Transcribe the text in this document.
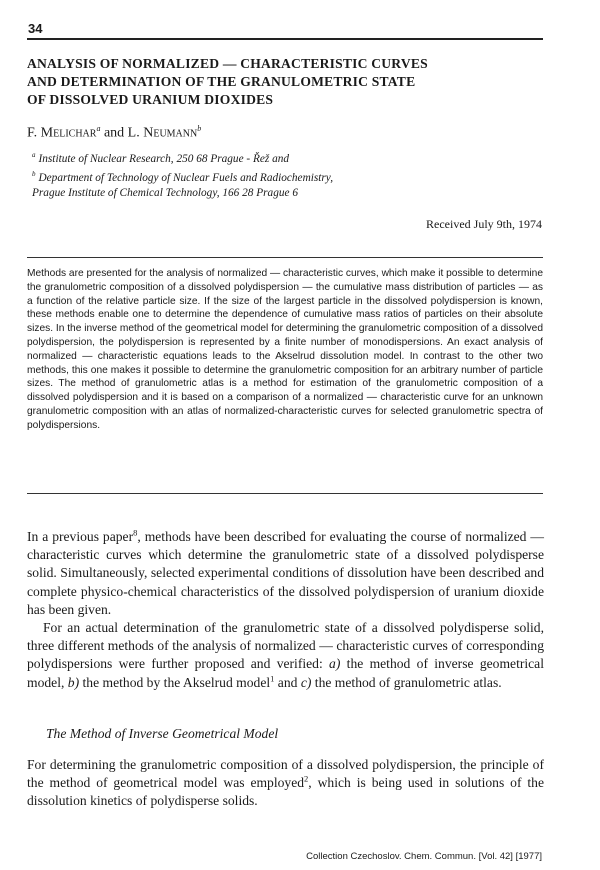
34
ANALYSIS OF NORMALIZED — CHARACTERISTIC CURVES
AND DETERMINATION OF THE GRANULOMETRIC STATE
OF DISSOLVED URANIUM DIOXIDES
F. Melichar$^a$ and L. Neumann$^b$
$^a$ Institute of Nuclear Research, 250 68 Prague - Řež and
$^b$ Department of Technology of Nuclear Fuels and Radiochemistry,
Prague Institute of Chemical Technology, 166 28 Prague 6
Received July 9th, 1974

Methods are presented for the analysis of normalized — characteristic curves, which make it possible to determine the granulometric composition of a dissolved polydispersion — the cumulative mass distribution of particles — as a function of the relative particle size. If the size of the largest particle in the dissolved polydispersion is known, these methods enable one to determine the dependence of cumulative mass ratios of particles on their absolute sizes. In the inverse method of the geometrical model for determining the granulometric composition of a dissolved polydispersion, the polydispersion is represented by a finite number of monodispersions. An exact analysis of normalized — characteristic equations leads to the Akselrud dissolution model. In contrast to the other two methods, this one makes it possible to determine the granulometric composition for an arbitrary number of particle sizes. The method of granulometric atlas is a method for estimation of the granulometric composition of a dissolved polydispersion and it is based on a comparison of a normalized — characteristic curve for an unknown granulometric composition with an atlas of normalized-characteristic curves for selected granulometric spectra of polydispersions.

In a previous paper$^8$, methods have been described for evaluating the course of normalized — characteristic curves which determine the granulometric state of a dissolved polydisperse solid. Simultaneously, selected experimental conditions of dissolution have been described and complete physico-chemical characteristics of the dissolved polydispersion of uranium dioxide has been given.

For an actual determination of the granulometric state of a dissolved polydisperse solid, three different methods of the analysis of normalized — characteristic curves of corresponding polydispersions were further proposed and verified: a) the method of inverse geometrical model, b) the method by the Akselrud model$^1$ and c) the method of granulometric atlas.

The Method of Inverse Geometrical Model

For determining the granulometric composition of a dissolved polydispersion, the principle of the method of geometrical model was employed$^2$, which is being used in solutions of the dissolution kinetics of polydisperse solids.

Collection Czechoslov. Chem. Commun. [Vol. 42] [1977]
